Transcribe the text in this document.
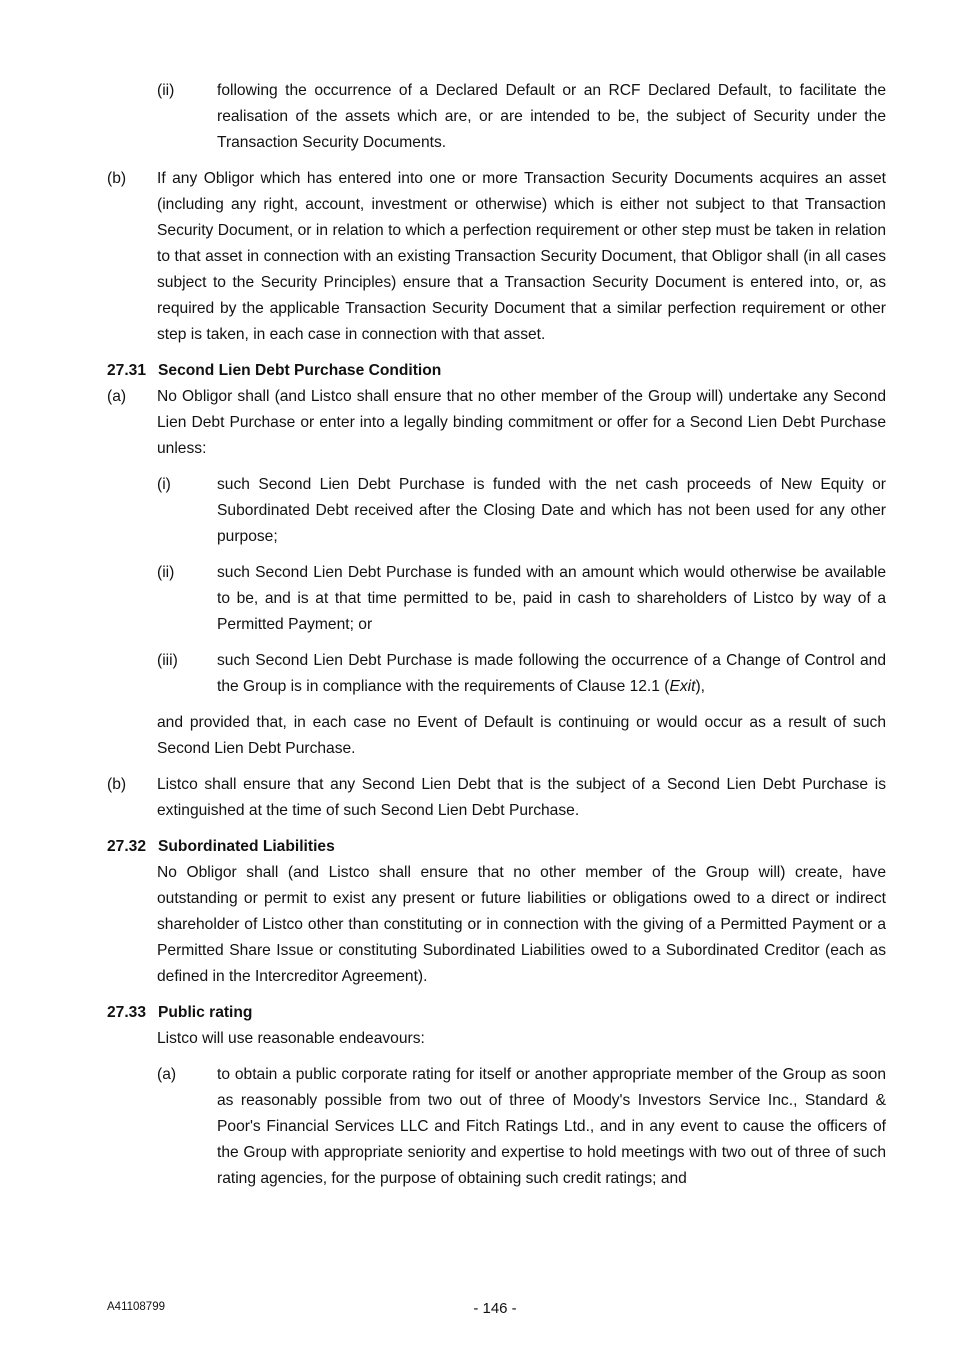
(ii)	following the occurrence of a Declared Default or an RCF Declared Default, to facilitate the realisation of the assets which are, or are intended to be, the subject of Security under the Transaction Security Documents.

(b) If any Obligor which has entered into one or more Transaction Security Documents acquires an asset (including any right, account, investment or otherwise) which is either not subject to that Transaction Security Document, or in relation to which a perfection requirement or other step must be taken in relation to that asset in connection with an existing Transaction Security Document, that Obligor shall (in all cases subject to the Security Principles) ensure that a Transaction Security Document is entered into, or, as required by the applicable Transaction Security Document that a similar perfection requirement or other step is taken, in each case in connection with that asset.

27.31 Second Lien Debt Purchase Condition

(a) No Obligor shall (and Listco shall ensure that no other member of the Group will) undertake any Second Lien Debt Purchase or enter into a legally binding commitment or offer for a Second Lien Debt Purchase unless:

(i)	such Second Lien Debt Purchase is funded with the net cash proceeds of New Equity or Subordinated Debt received after the Closing Date and which has not been used for any other purpose;

(ii)	such Second Lien Debt Purchase is funded with an amount which would otherwise be available to be, and is at that time permitted to be, paid in cash to shareholders of Listco by way of a Permitted Payment; or

(iii)	such Second Lien Debt Purchase is made following the occurrence of a Change of Control and the Group is in compliance with the requirements of Clause 12.1 (Exit),

and provided that, in each case no Event of Default is continuing or would occur as a result of such Second Lien Debt Purchase.

(b) Listco shall ensure that any Second Lien Debt that is the subject of a Second Lien Debt Purchase is extinguished at the time of such Second Lien Debt Purchase.

27.32 Subordinated Liabilities

No Obligor shall (and Listco shall ensure that no other member of the Group will) create, have outstanding or permit to exist any present or future liabilities or obligations owed to a direct or indirect shareholder of Listco other than constituting or in connection with the giving of a Permitted Payment or a Permitted Share Issue or constituting Subordinated Liabilities owed to a Subordinated Creditor (each as defined in the Intercreditor Agreement).

27.33 Public rating

Listco will use reasonable endeavours:

(a)	to obtain a public corporate rating for itself or another appropriate member of the Group as soon as reasonably possible from two out of three of Moody's Investors Service Inc., Standard & Poor's Financial Services LLC and Fitch Ratings Ltd., and in any event to cause the officers of the Group with appropriate seniority and expertise to hold meetings with two out of three of such rating agencies, for the purpose of obtaining such credit ratings; and

A41108799	- 146 -
